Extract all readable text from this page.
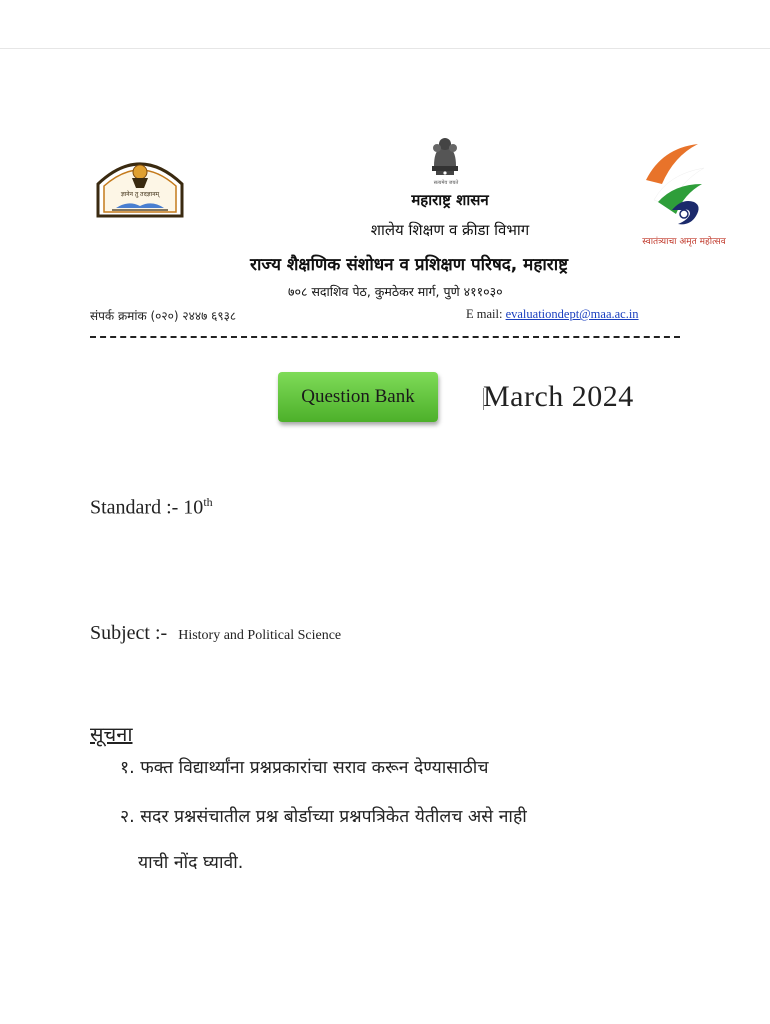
ज्ञानेन तु तदज्ञानम्
सत्यमेव जयते
स्वातंत्र्याचा अमृत महोत्सव
महाराष्ट्र शासन
शालेय शिक्षण व क्रीडा विभाग
राज्य शैक्षणिक संशोधन व प्रशिक्षण परिषद, महाराष्ट्र
७०८ सदाशिव पेठ, कुमठेकर मार्ग, पुणे ४११०३०
संपर्क क्रमांक (०२०) २४४७ ६९३८	E mail: evaluationdept@maa.ac.in
Question Bank	March 2024
Standard :- 10th
Subject :- History and Political Science
सूचना
१. फक्त विद्यार्थ्यांना प्रश्नप्रकारांचा सराव करून देण्यासाठीच
२. सदर प्रश्नसंचातील प्रश्न बोर्डाच्या प्रश्नपत्रिकेत येतीलच असे नाही
याची नोंद घ्यावी.
